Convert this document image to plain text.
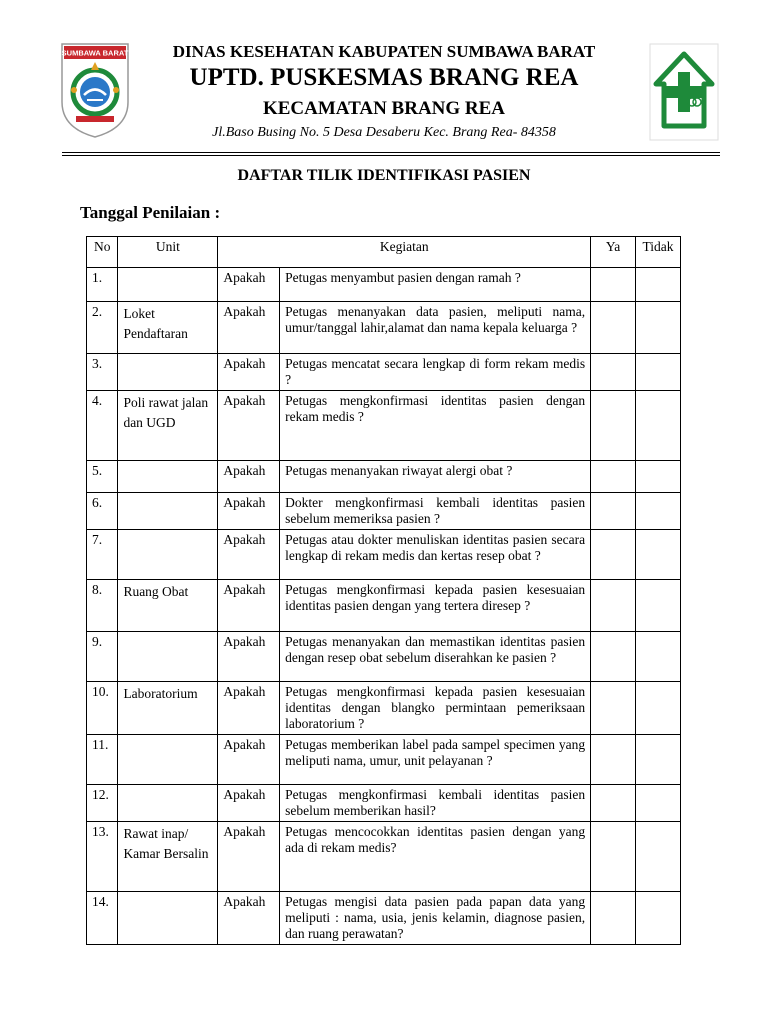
SUMBAWA BARAT	DINAS KESEHATAN KABUPATEN SUMBAWA BARAT
UPTD. PUSKESMAS BRANG REA
KECAMATAN BRANG REA
Jl.Baso Busing No. 5 Desa Desaberu Kec. Brang Rea- 84358
DAFTAR TILIK IDENTIFIKASI PASIEN
Tanggal Penilaian :
No	Unit	Kegiatan		Ya	Tidak
1.		Apakah	Petugas menyambut pasien dengan ramah ?		
2.	Loket Pendaftaran	Apakah	Petugas menanyakan data pasien, meliputi nama, umur/tanggal lahir,alamat dan nama kepala keluarga ?		
3.		Apakah	Petugas mencatat secara lengkap di form rekam medis ?		
4.	Poli rawat jalan dan UGD	Apakah	Petugas mengkonfirmasi identitas pasien dengan rekam medis ?		
5.		Apakah	Petugas menanyakan riwayat alergi obat ?		
6.		Apakah	Dokter mengkonfirmasi kembali identitas pasien sebelum memeriksa pasien ?		
7.		Apakah	Petugas atau dokter menuliskan identitas pasien secara lengkap di rekam medis dan kertas resep obat ?		
8.	Ruang Obat	Apakah	Petugas mengkonfirmasi kepada pasien kesesuaian identitas pasien dengan yang tertera diresep ?		
9.		Apakah	Petugas menanyakan dan memastikan identitas pasien dengan resep obat sebelum diserahkan ke pasien ?		
10.	Laboratorium	Apakah	Petugas mengkonfirmasi kepada pasien kesesuaian identitas dengan blangko permintaan pemeriksaan laboratorium ?		
11.		Apakah	Petugas memberikan label pada sampel specimen yang meliputi nama, umur, unit pelayanan ?		
12.		Apakah	Petugas mengkonfirmasi kembali identitas pasien sebelum memberikan hasil?		
13.	Rawat inap/ Kamar Bersalin	Apakah	Petugas mencocokkan identitas pasien dengan yang ada di rekam medis?		
14.		Apakah	Petugas mengisi data pasien pada papan data yang meliputi : nama, usia, jenis kelamin, diagnose pasien, dan ruang perawatan?		
